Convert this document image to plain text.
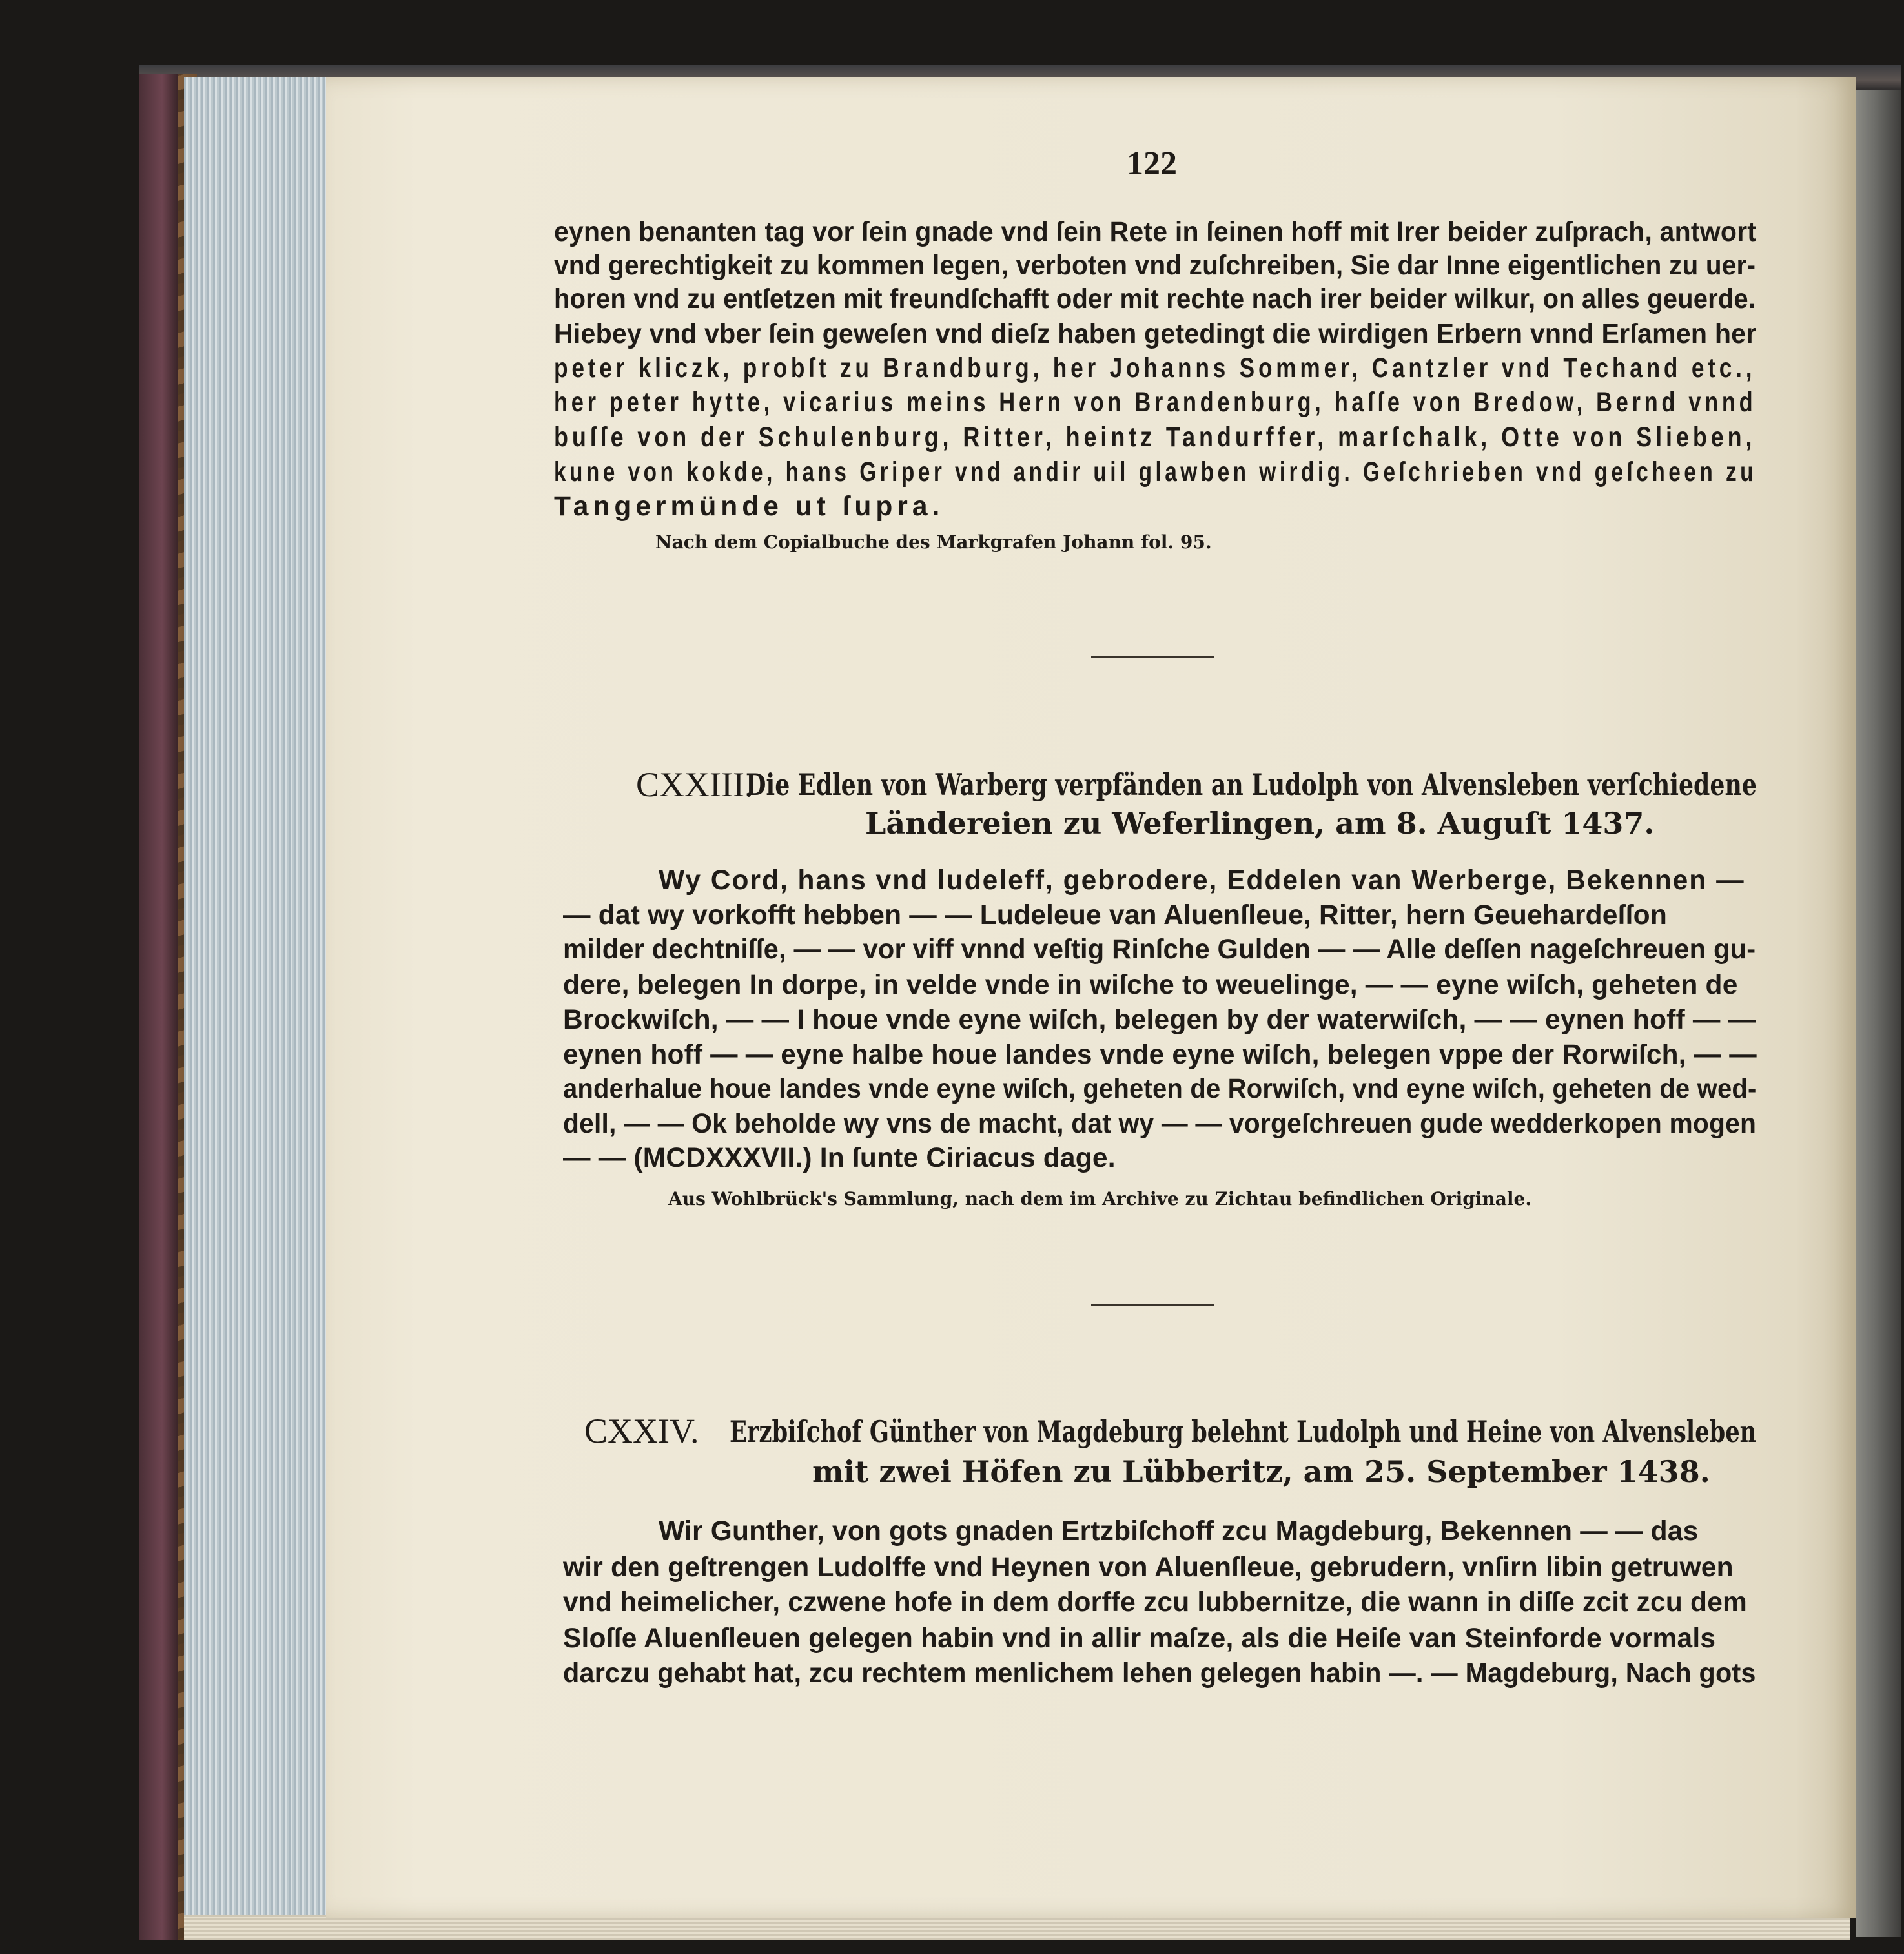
122
eynen benanten tag vor ſein gnade vnd ſein Rete in ſeinen hoff mit Irer beider zuſprach, antwort
vnd gerechtigkeit zu kommen legen, verboten vnd zuſchreiben, Sie dar Inne eigentlichen zu uer-
horen vnd zu entſetzen mit freundſchafft oder mit rechte nach irer beider wilkur, on alles geuerde.
Hiebey vnd vber ſein geweſen vnd dieſz haben getedingt die wirdigen Erbern vnnd Erſamen her
peter kliczk, probſt zu Brandburg, her Johanns Sommer, Cantzler vnd Techand etc.,
her peter hytte, vicarius meins Hern von Brandenburg, haſſe von Bredow, Bernd vnnd
buſſe von der Schulenburg, Ritter, heintz Tandurffer, marſchalk, Otte von Slieben,
kune von kokde, hans Griper vnd andir uil glawben wirdig. Geſchrieben vnd geſcheen zu
Tangermünde ut ſupra.
Nach dem Copialbuche des Markgrafen Johann fol. 95.
CXXIII.
Die Edlen von Warberg verpfänden an Ludolph von Alvensleben verſchiedene
Ländereien zu Weferlingen, am 8. Auguſt 1437.
Wy Cord, hans vnd ludeleff, gebrodere, Eddelen van Werberge, Bekennen —
— dat wy vorkofft hebben — — Ludeleue van Aluenſleue, Ritter, hern Geuehardeſſon
milder dechtniſſe, — — vor viff vnnd veſtig Rinſche Gulden — — Alle deſſen nageſchreuen gu-
dere, belegen In dorpe, in velde vnde in wiſche to weuelinge, — — eyne wiſch, geheten de
Brockwiſch, — — I houe vnde eyne wiſch, belegen by der waterwiſch, — — eynen hoff — —
eynen hoff — — eyne halbe houe landes vnde eyne wiſch, belegen vppe der Rorwiſch, — —
anderhalue houe landes vnde eyne wiſch, geheten de Rorwiſch, vnd eyne wiſch, geheten de wed-
dell, — — Ok beholde wy vns de macht, dat wy — — vorgeſchreuen gude wedderkopen mogen
— — (MCDXXXVII.) In ſunte Ciriacus dage.
Aus Wohlbrück's Sammlung, nach dem im Archive zu Zichtau befindlichen Originale.
CXXIV. Erzbiſchof Günther von Magdeburg belehnt Ludolph und Heine von Alvensleben
mit zwei Höfen zu Lübberitz, am 25. September 1438.
Wir Gunther, von gots gnaden Ertzbiſchoff zcu Magdeburg, Bekennen — — das
wir den geſtrengen Ludolffe vnd Heynen von Aluenſleue, gebrudern, vnſirn libin getruwen
vnd heimelicher, czwene hofe in dem dorffe zcu lubbernitze, die wann in diſſe zcit zcu dem
Sloſſe Aluenſleuen gelegen habin vnd in allir maſze, als die Heiſe van Steinforde vormals
darczu gehabt hat, zcu rechtem menlichem lehen gelegen habin —. — Magdeburg, Nach gots
